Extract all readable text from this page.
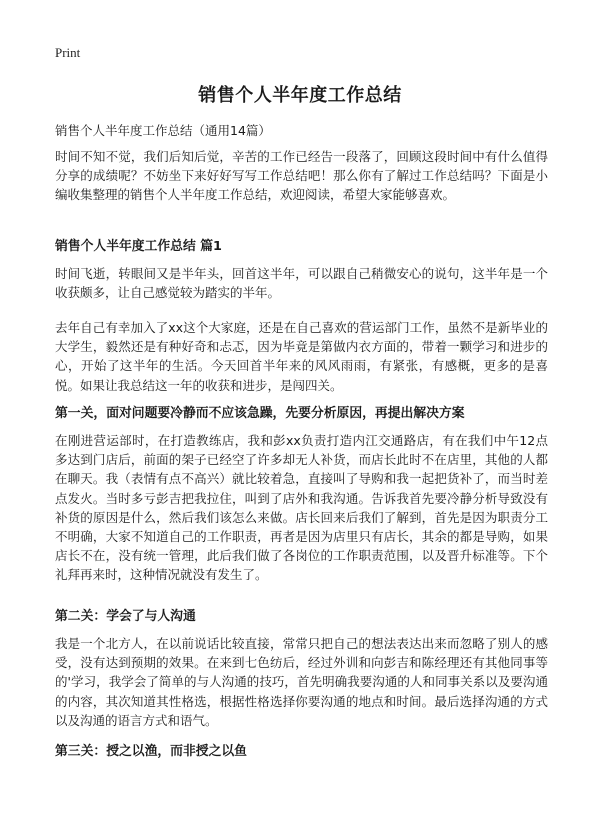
Print
销售个人半年度工作总结
销售个人半年度工作总结（通用14篇）
时间不知不觉，我们后知后觉，辛苦的工作已经告一段落了，回顾这段时间中有什么值得分享的成绩呢？不妨坐下来好好写写工作总结吧！那么你有了解过工作总结吗？下面是小编收集整理的销售个人半年度工作总结，欢迎阅读，希望大家能够喜欢。
销售个人半年度工作总结 篇1
时间飞逝，转眼间又是半年头，回首这半年，可以跟自己稍微安心的说句，这半年是一个收获颇多，让自己感觉较为踏实的半年。
去年自己有幸加入了xx这个大家庭，还是在自己喜欢的营运部门工作，虽然不是新毕业的大学生，毅然还是有种好奇和忐忑，因为毕竟是第做内衣方面的，带着一颗学习和进步的心，开始了这半年的生活。今天回首半年来的风风雨雨，有紧张，有感概，更多的是喜悦。如果让我总结这一年的收获和进步，是闯四关。
第一关，面对问题要冷静而不应该急躁，先要分析原因，再提出解决方案
在刚进营运部时，在打造教练店，我和彭xx负责打造内江交通路店，有在我们中午12点多达到门店后，前面的架子已经空了许多却无人补货，而店长此时不在店里，其他的人都在聊天。我（表情有点不高兴）就比较着急，直接叫了导购和我一起把货补了，而当时差点发火。当时多亏彭吉把我拉住，叫到了店外和我沟通。告诉我首先要冷静分析导致没有补货的原因是什么，然后我们该怎么来做。店长回来后我们了解到，首先是因为职责分工不明确，大家不知道自己的工作职责，再者是因为店里只有店长，其余的都是导购，如果店长不在，没有统一管理，此后我们做了各岗位的工作职责范围，以及晋升标准等。下个礼拜再来时，这种情况就没有发生了。
第二关：学会了与人沟通
我是一个北方人，在以前说话比较直接，常常只把自己的想法表达出来而忽略了别人的感受，没有达到预期的效果。在来到七色纺后，经过外训和向彭吉和陈经理还有其他同事等的'学习，我学会了简单的与人沟通的技巧，首先明确我要沟通的人和同事关系以及要沟通的内容，其次知道其性格选，根据性格选择你要沟通的地点和时间。最后选择沟通的方式以及沟通的语言方式和语气。
第三关：授之以渔，而非授之以鱼
